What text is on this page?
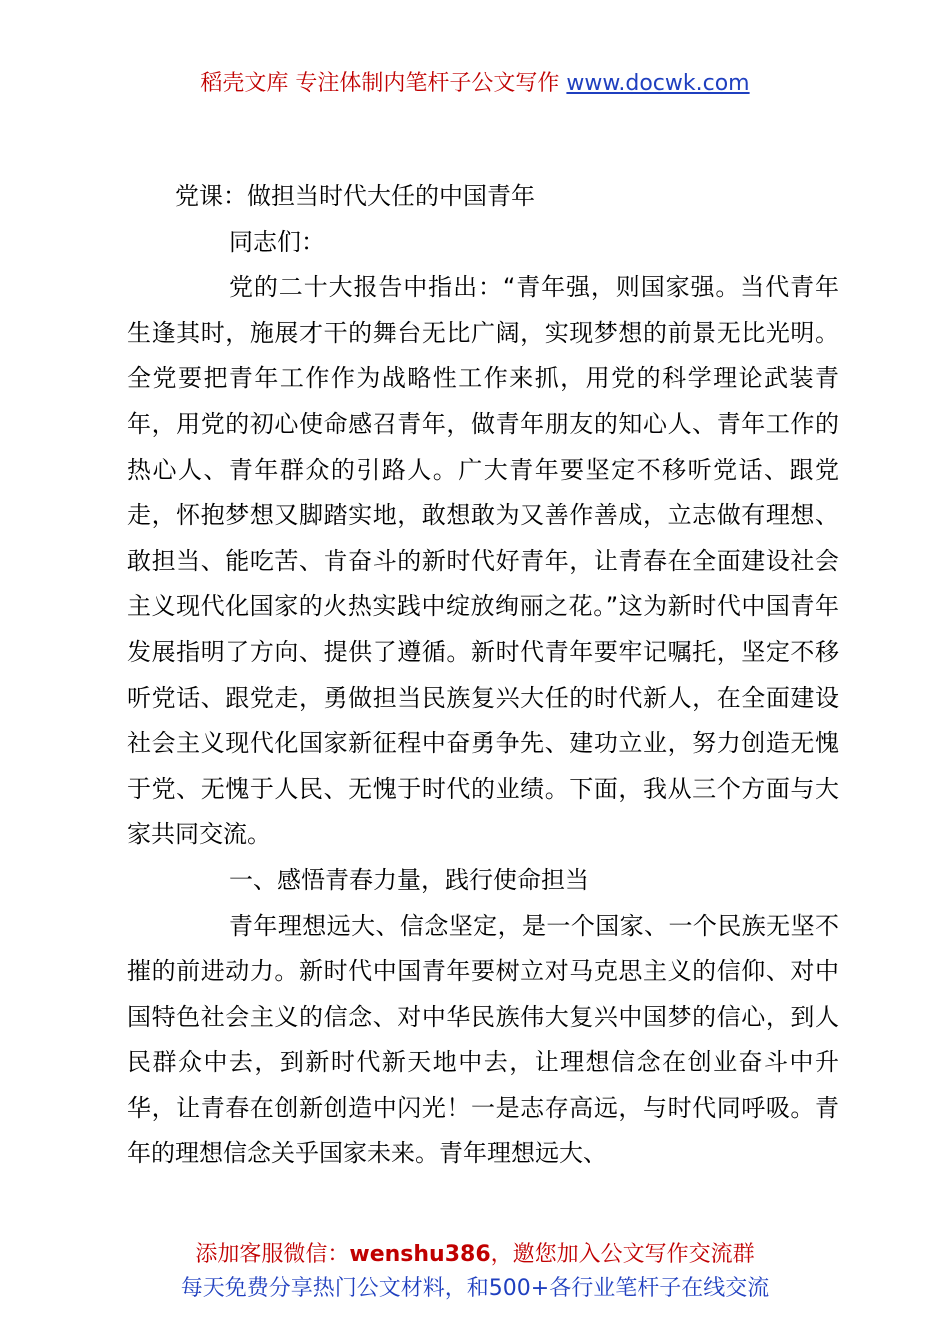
稻壳文库 专注体制内笔杆子公文写作 www.docwk.com

党课：做担当时代大任的中国青年

同志们：

党的二十大报告中指出：“青年强，则国家强。当代青年生逢其时，施展才干的舞台无比广阔，实现梦想的前景无比光明。全党要把青年工作作为战略性工作来抓，用党的科学理论武装青年，用党的初心使命感召青年，做青年朋友的知心人、青年工作的热心人、青年群众的引路人。广大青年要坚定不移听党话、跟党走，怀抱梦想又脚踏实地，敢想敢为又善作善成，立志做有理想、敢担当、能吃苦、肯奋斗的新时代好青年，让青春在全面建设社会主义现代化国家的火热实践中绽放绚丽之花。”这为新时代中国青年发展指明了方向、提供了遵循。新时代青年要牢记嘱托，坚定不移听党话、跟党走，勇做担当民族复兴大任的时代新人，在全面建设社会主义现代化国家新征程中奋勇争先、建功立业，努力创造无愧于党、无愧于人民、无愧于时代的业绩。下面，我从三个方面与大家共同交流。

一、感悟青春力量，践行使命担当

青年理想远大、信念坚定，是一个国家、一个民族无坚不摧的前进动力。新时代中国青年要树立对马克思主义的信仰、对中国特色社会主义的信念、对中华民族伟大复兴中国梦的信心，到人民群众中去，到新时代新天地中去，让理想信念在创业奋斗中升华，让青春在创新创造中闪光！一是志存高远，与时代同呼吸。青年的理想信念关乎国家未来。青年理想远大、

添加客服微信：wenshu386，邀您加入公文写作交流群
每天免费分享热门公文材料，和500+各行业笔杆子在线交流
